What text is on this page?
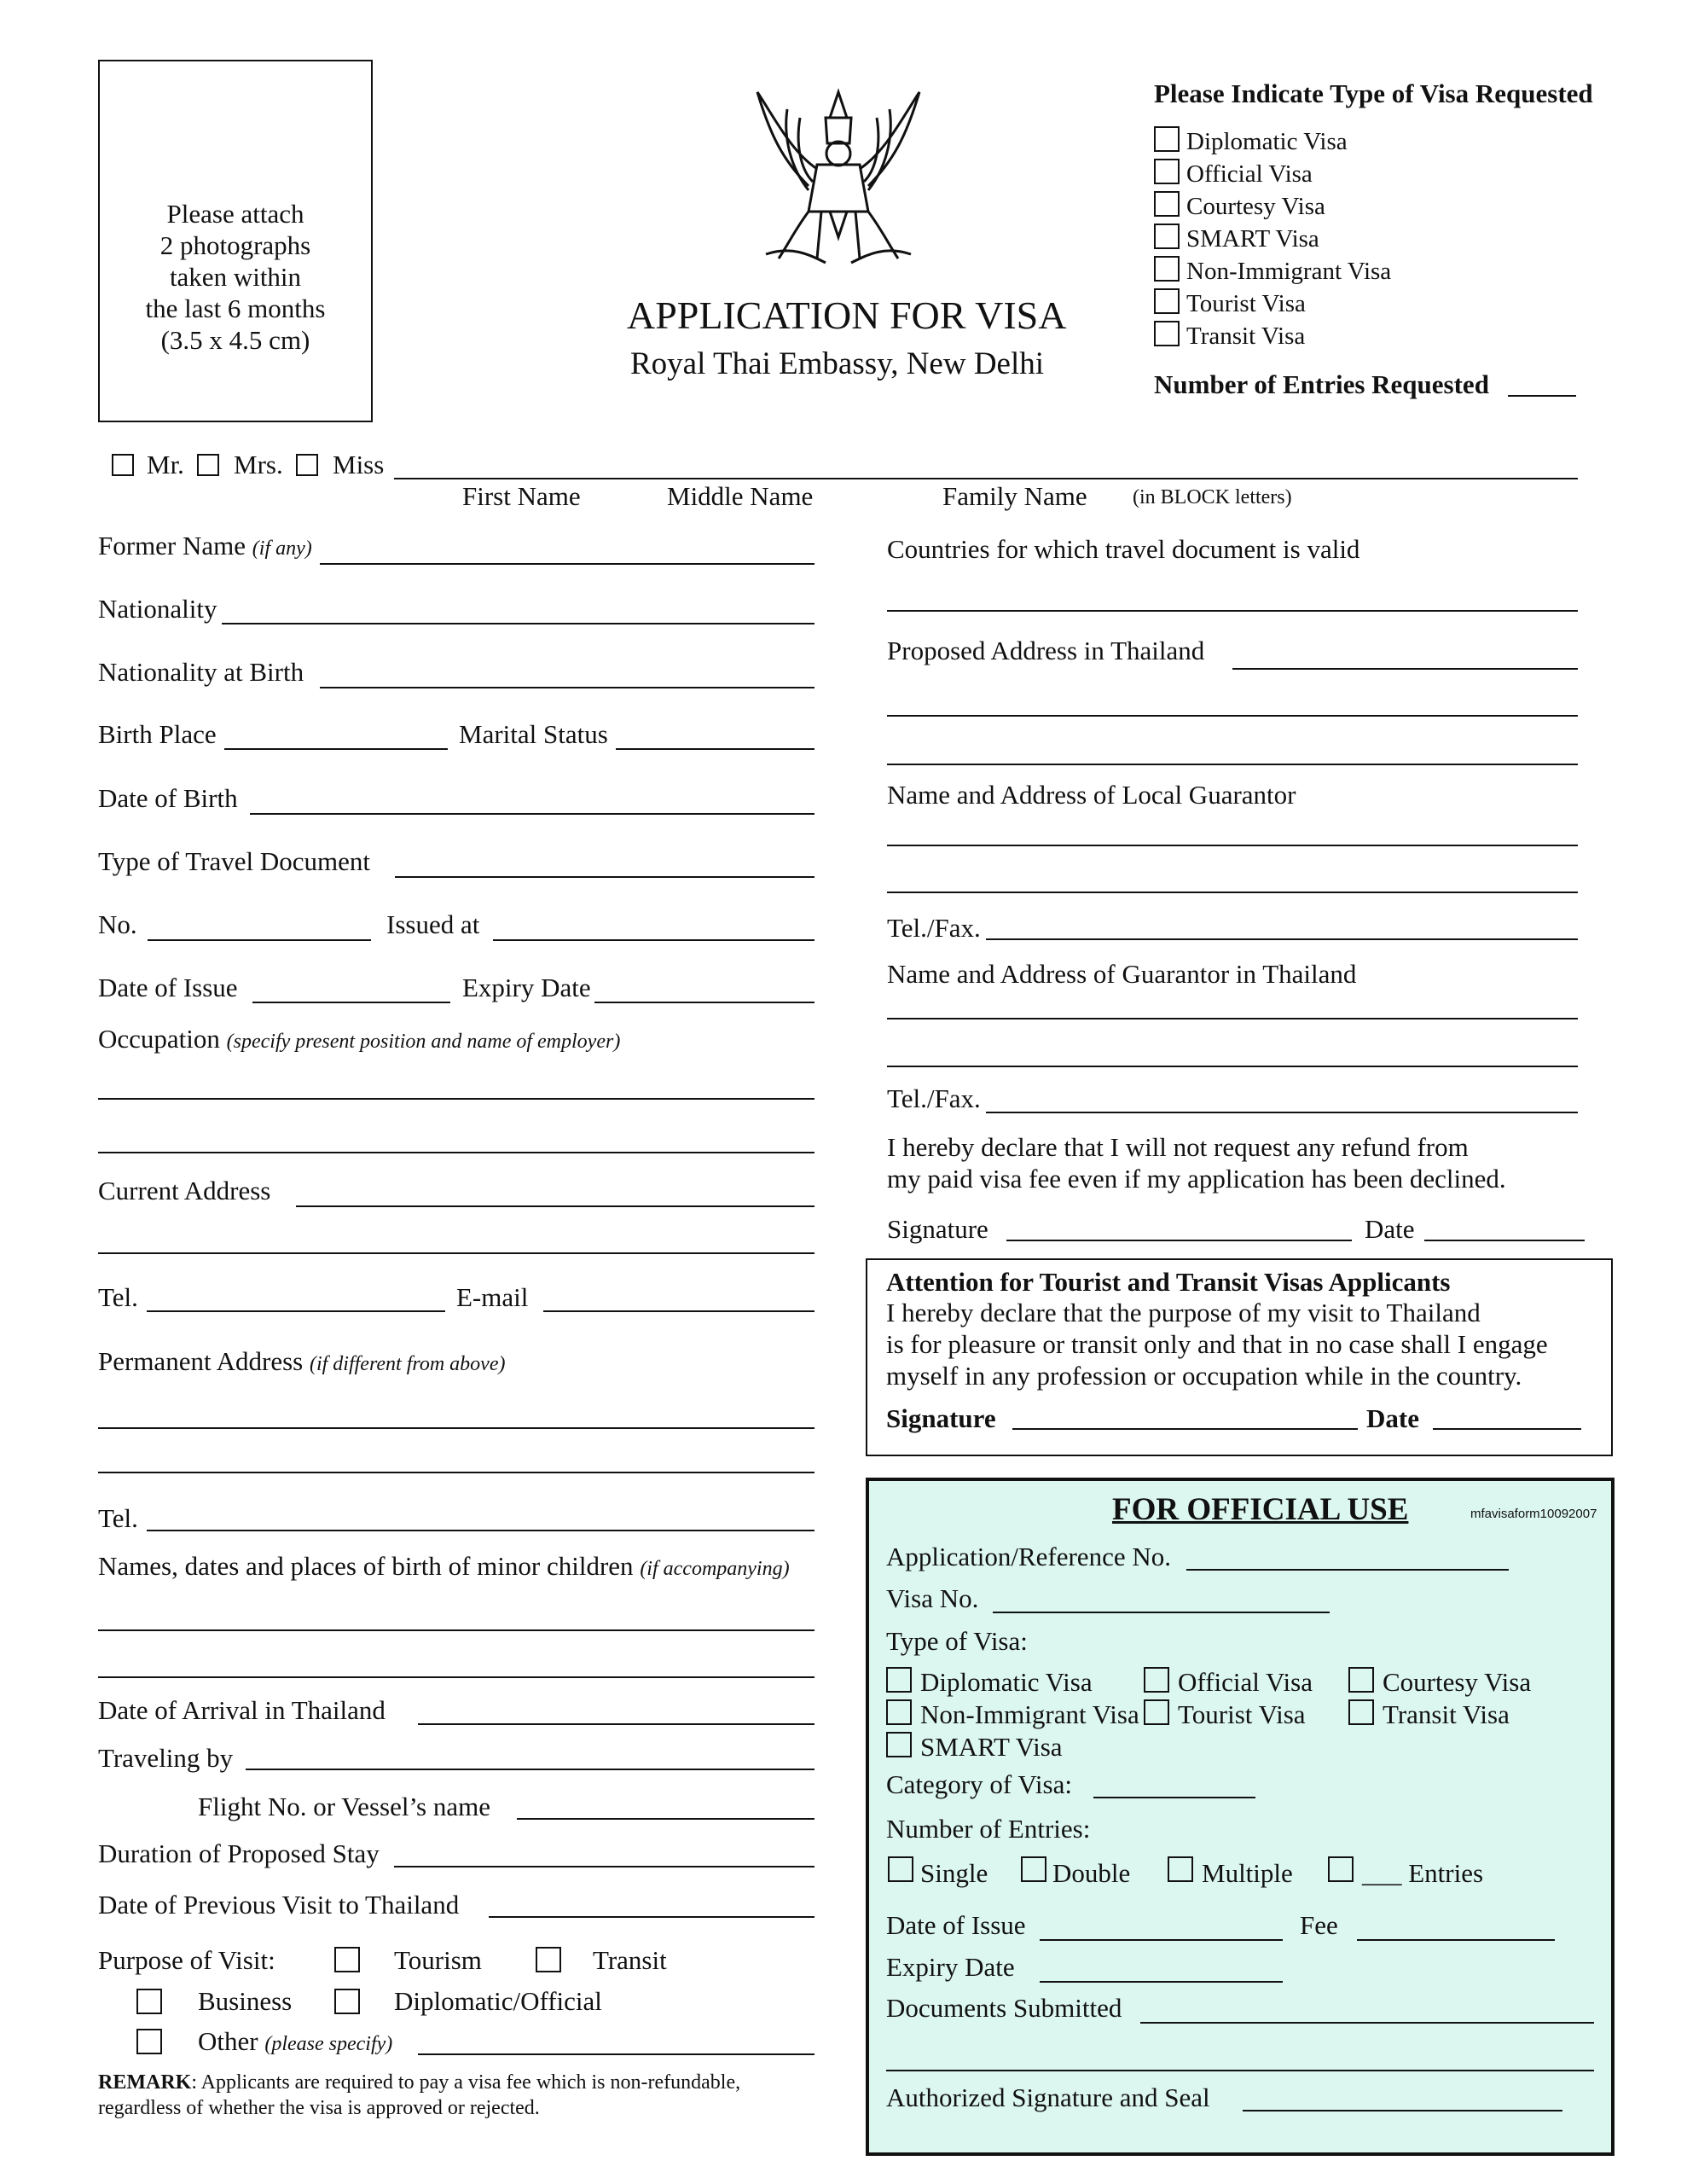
Please attach
2 photographs
taken within
the last 6 months
(3.5 x 4.5 cm)
APPLICATION FOR VISA
Royal Thai Embassy, New Delhi
Please Indicate Type of Visa Requested
Diplomatic Visa
Official Visa
Courtesy Visa
SMART Visa
Non-Immigrant Visa
Tourist Visa
Transit Visa
Number of Entries Requested
Mr. Mrs. Miss
First Name	Middle Name	Family Name (in BLOCK letters)
Former Name (if any)
Nationality
Nationality at Birth
Birth Place	Marital Status
Date of Birth
Type of Travel Document
No.	Issued at
Date of Issue	Expiry Date
Occupation (specify present position and name of employer)
Current Address
Tel.	E-mail
Permanent Address (if different from above)
Tel.
Names, dates and places of birth of minor children (if accompanying)
Date of Arrival in Thailand
Traveling by
Flight No. or Vessel’s name
Duration of Proposed Stay
Date of Previous Visit to Thailand
Purpose of Visit:	Tourism	Transit
Business	Diplomatic/Official
Other (please specify)
REMARK: Applicants are required to pay a visa fee which is non-refundable,
regardless of whether the visa is approved or rejected.
Countries for which travel document is valid
Proposed Address in Thailand
Name and Address of Local Guarantor
Tel./Fax.
Name and Address of Guarantor in Thailand
Tel./Fax.
I hereby declare that I will not request any refund from
my paid visa fee even if my application has been declined.
Signature	Date
Attention for Tourist and Transit Visas Applicants
I hereby declare that the purpose of my visit to Thailand
is for pleasure or transit only and that in no case shall I engage
myself in any profession or occupation while in the country.
Signature	Date
FOR OFFICIAL USE	mfavisaform10092007
Application/Reference No.
Visa No.
Type of Visa:
Diplomatic Visa	Official Visa	Courtesy Visa
Non-Immigrant Visa Tourist Visa	Transit Visa
SMART Visa
Category of Visa:
Number of Entries:
Single Double	Multiple	___ Entries
Date of Issue	Fee
Expiry Date
Documents Submitted
Authorized Signature and Seal
